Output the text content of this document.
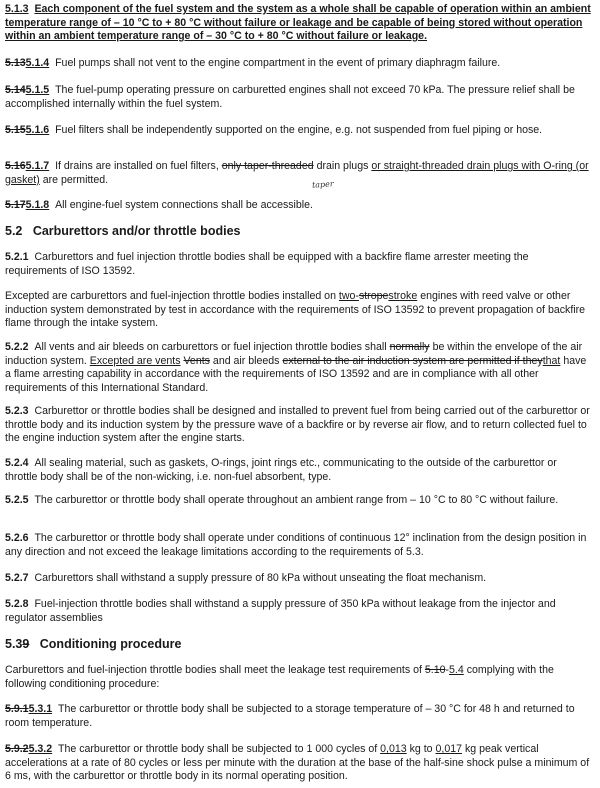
5.1.3 Each component of the fuel system and the system as a whole shall be capable of operation within an ambient temperature range of – 10 °C to + 80 °C without failure or leakage and be capable of being stored without operation within an ambient temperature range of – 30 °C to + 80 °C without failure or leakage.

5.135.1.4 Fuel pumps shall not vent to the engine compartment in the event of primary diaphragm failure.

5.145.1.5 The fuel-pump operating pressure on carburetted engines shall not exceed 70 kPa. The pressure relief shall be accomplished internally within the fuel system.

5.155.1.6 Fuel filters shall be independently supported on the engine, e.g. not suspended from fuel piping or hose.

5.165.1.7 If drains are installed on fuel filters, only taper-threaded drain plugs or straight-threaded drain plugs with O-ring (or gasket) are permitted.	taper

5.175.1.8 All engine-fuel system connections shall be accessible.

5.2 Carburettors and/or throttle bodies

5.2.1 Carburettors and fuel injection throttle bodies shall be equipped with a backfire flame arrester meeting the requirements of ISO 13592.

Excepted are carburettors and fuel-injection throttle bodies installed on two-stropestroke engines with reed valve or other induction system demonstrated by test in accordance with the requirements of ISO 13592 to prevent propagation of backfire flame through the intake system.

5.2.2 All vents and air bleeds on carburettors or fuel injection throttle bodies shall normally be within the envelope of the air induction system. Excepted are vents Vents and air bleeds external to the air induction system are permitted if theythat have a flame arresting capability in accordance with the requirements of ISO 13592 and are in compliance with all other requirements of this International Standard.

5.2.3 Carburettor or throttle bodies shall be designed and installed to prevent fuel from being carried out of the carburettor or throttle body and its induction system by the pressure wave of a backfire or by reverse air flow, and to return collected fuel to the engine induction system after the engine starts.

5.2.4 All sealing material, such as gaskets, O-rings, joint rings etc., communicating to the outside of the carburettor or throttle body shall be of the non-wicking, i.e. non-fuel absorbent, type.

5.2.5 The carburettor or throttle body shall operate throughout an ambient range from – 10 °C to 80 °C without failure.

5.2.6 The carburettor or throttle body shall operate under conditions of continuous 12° inclination from the design position in any direction and not exceed the leakage limitations according to the requirements of 5.3.

5.2.7 Carburettors shall withstand a supply pressure of 80 kPa without unseating the float mechanism.

5.2.8 Fuel-injection throttle bodies shall withstand a supply pressure of 350 kPa without leakage from the injector and regulator assemblies

5.39 Conditioning procedure

Carburettors and fuel-injection throttle bodies shall meet the leakage test requirements of 5.10-5.4 complying with the following conditioning procedure:

5.9.15.3.1 The carburettor or throttle body shall be subjected to a storage temperature of – 30 °C for 48 h and returned to room temperature.

5.9.25.3.2 The carburettor or throttle body shall be subjected to 1 000 cycles of 0,013 kg to 0,017 kg peak vertical accelerations at a rate of 80 cycles or less per minute with the duration at the base of the half-sine shock pulse a minimum of 6 ms, with the carburettor or throttle body in its normal operating position.
